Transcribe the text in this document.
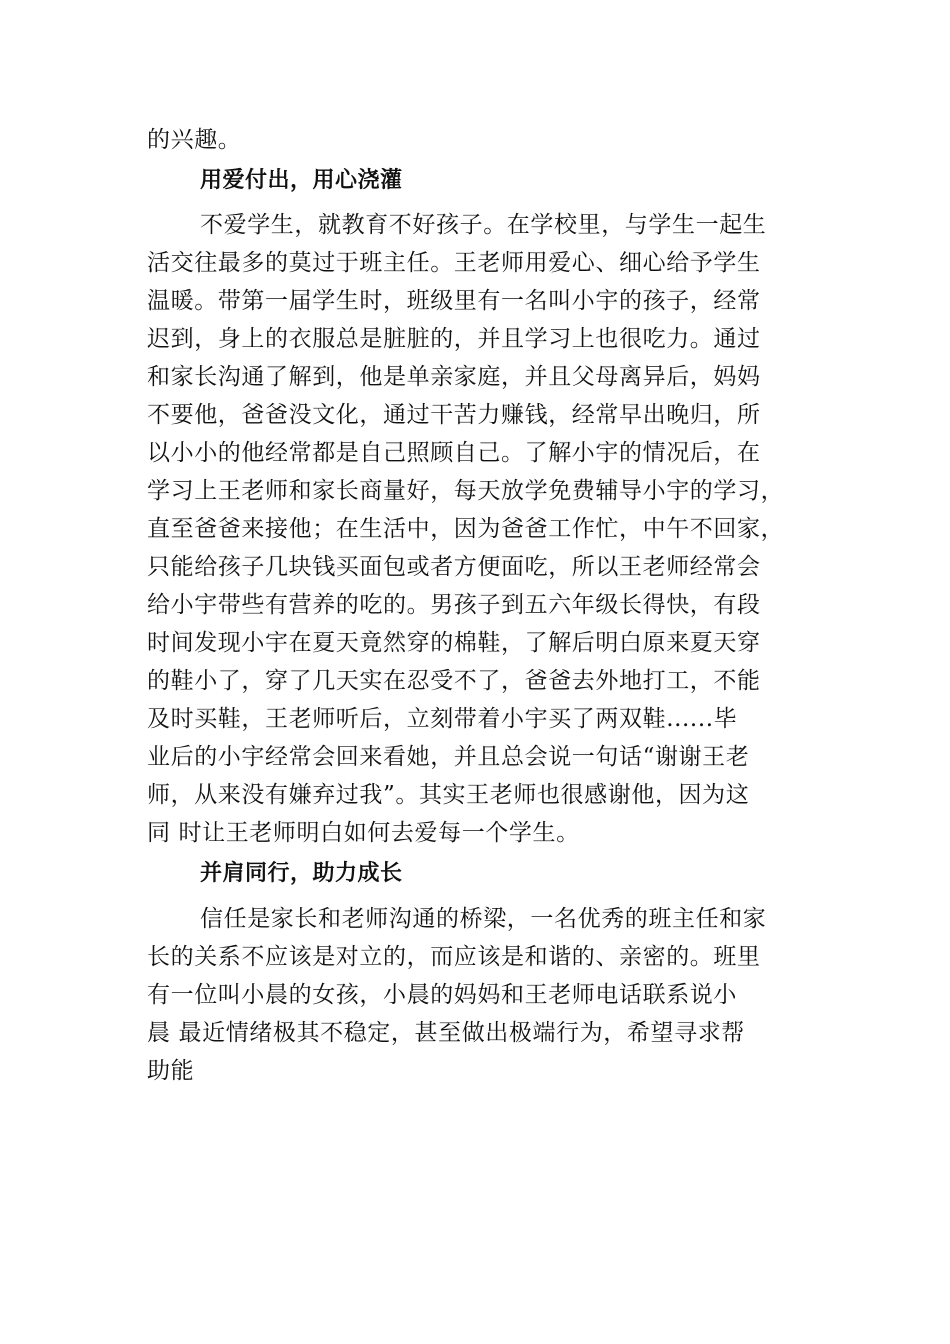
的兴趣。
用爱付出，用心浇灌
不爱学生，就教育不好孩子。在学校里，与学生一起生
活交往最多的莫过于班主任。王老师用爱心、细心给予学生
温暖。带第一届学生时，班级里有一名叫小宇的孩子，经常
迟到，身上的衣服总是脏脏的，并且学习上也很吃力。通过
和家长沟通了解到，他是单亲家庭，并且父母离异后，妈妈
不要他，爸爸没文化，通过干苦力赚钱，经常早出晚归，所
以小小的他经常都是自己照顾自己。了解小宇的情况后，在
学习上王老师和家长商量好，每天放学免费辅导小宇的学习，
直至爸爸来接他；在生活中，因为爸爸工作忙，中午不回家，
只能给孩子几块钱买面包或者方便面吃，所以王老师经常会
给小宇带些有营养的吃的。男孩子到五六年级长得快，有段
时间发现小宇在夏天竟然穿的棉鞋，了解后明白原来夏天穿
的鞋小了，穿了几天实在忍受不了，爸爸去外地打工，不能
及时买鞋，王老师听后，立刻带着小宇买了两双鞋......毕
业后的小宇经常会回来看她，并且总会说一句话“谢谢王老
师，从来没有嫌弃过我”。其实王老师也很感谢他，因为这
同 时让王老师明白如何去爱每一个学生。
并肩同行，助力成长
信任是家长和老师沟通的桥梁，一名优秀的班主任和家
长的关系不应该是对立的，而应该是和谐的、亲密的。班里
有一位叫小晨的女孩，小晨的妈妈和王老师电话联系说小
晨 最近情绪极其不稳定，甚至做出极端行为，希望寻求帮
助能
